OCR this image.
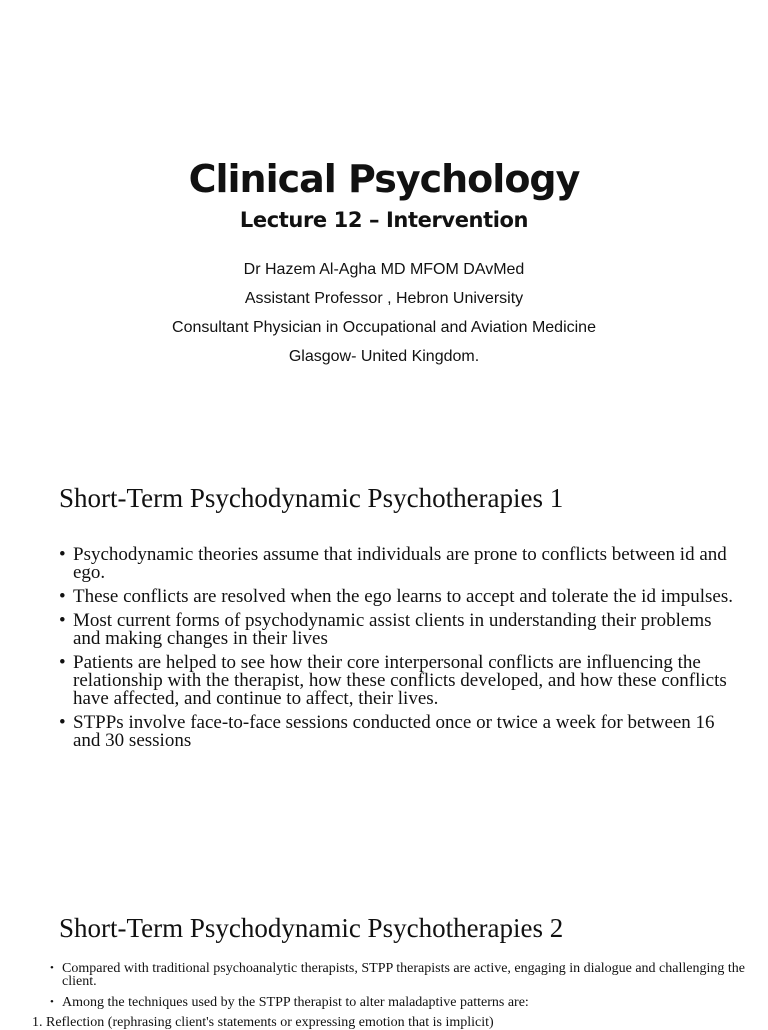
Clinical Psychology
Lecture 12 – Intervention
Dr Hazem Al-Agha MD MFOM DAvMed
Assistant Professor , Hebron University
Consultant Physician in Occupational and Aviation Medicine
Glasgow- United Kingdom.
Short-Term Psychodynamic Psychotherapies 1
• Psychodynamic theories assume that individuals are prone to conflicts between id and ego.
• These conflicts are resolved when the ego learns to accept and tolerate the id impulses.
• Most current forms of psychodynamic assist clients in understanding their problems and making changes in their lives
• Patients are helped to see how their core interpersonal conflicts are influencing the relationship with the therapist, how these conflicts developed, and how these conflicts have affected, and continue to affect, their lives.
• STPPs involve face-to-face sessions conducted once or twice a week for between 16 and 30 sessions
Short-Term Psychodynamic Psychotherapies 2
• Compared with traditional psychoanalytic therapists, STPP therapists are active, engaging in dialogue and challenging the client.
• Among the techniques used by the STPP therapist to alter maladaptive patterns are:
1. Reflection (rephrasing client's statements or expressing emotion that is implicit)
